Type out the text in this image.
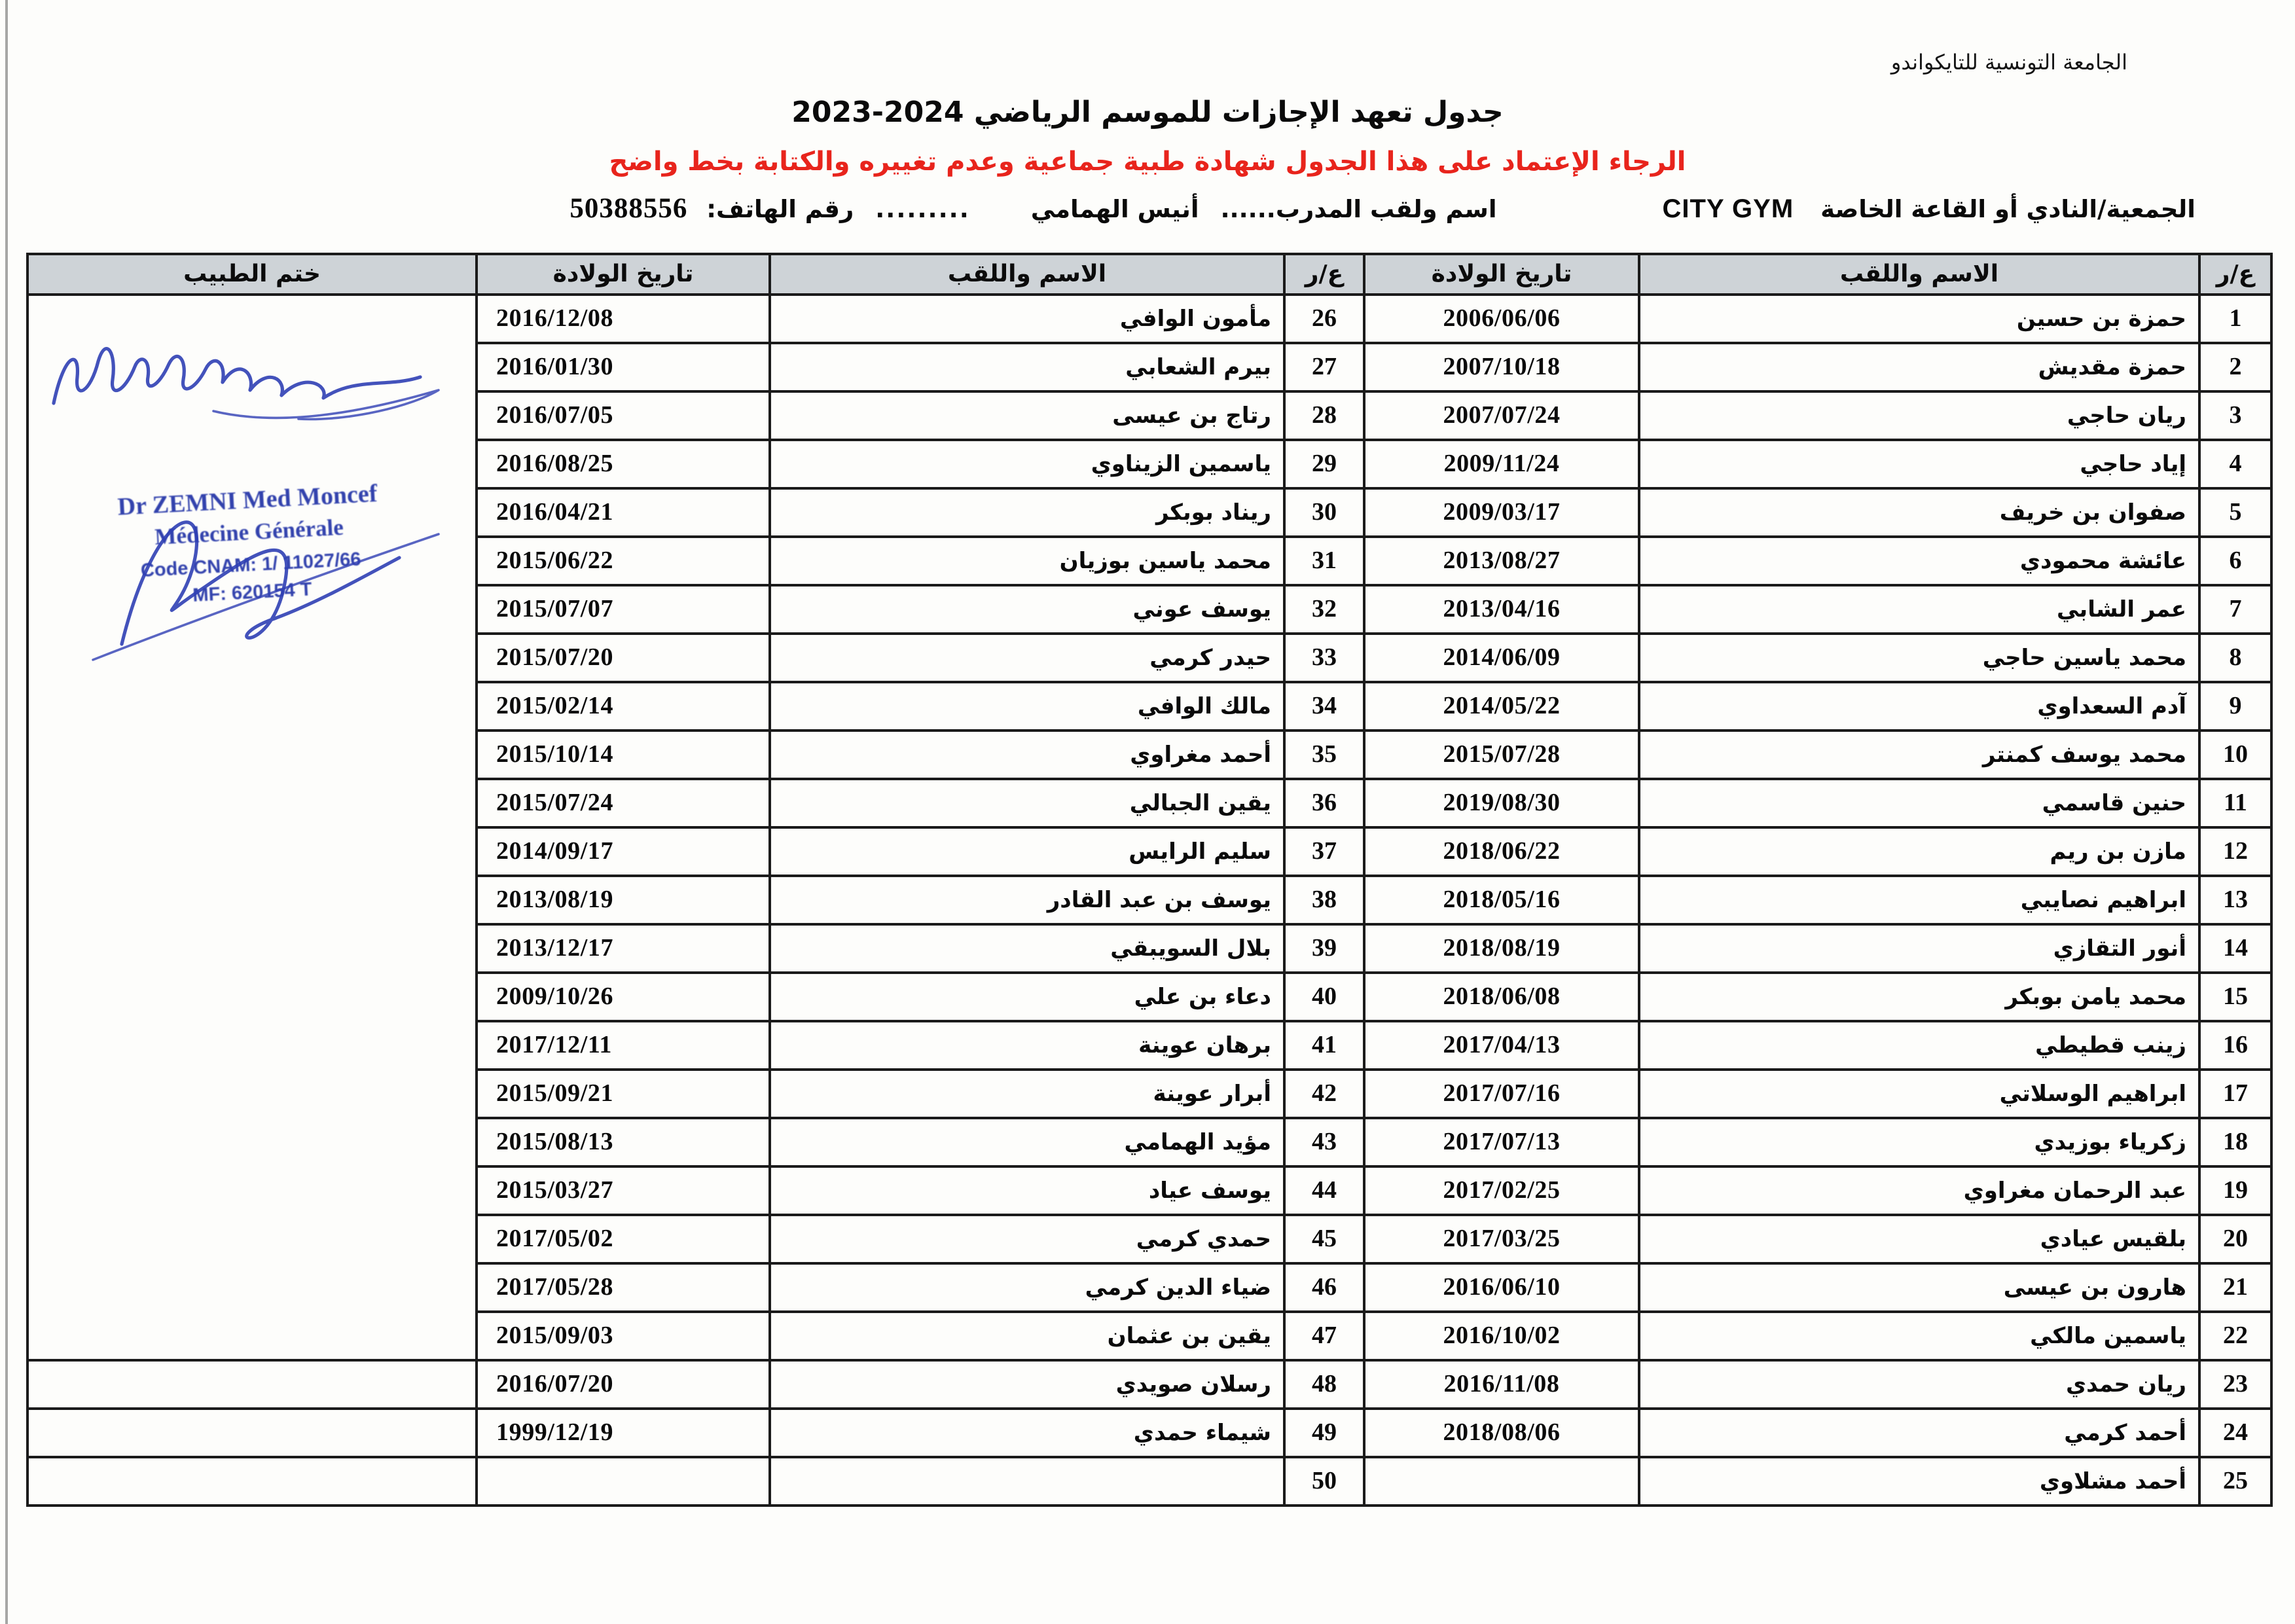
الجامعة التونسية للتايكواندو
جدول تعهد الإجازات للموسم الرياضي 2024-2023
الرجاء الإعتماد على هذا الجدول شهادة طبية جماعية وعدم تغييره والكتابة بخط واضح
الجمعية/النادي أو القاعة الخاصة CITY GYM اسم ولقب المدرب...... أنيس الهمامي ......... رقم الهاتف: 50388556
ع/ر	الاسم واللقب	تاريخ الولادة	ع/ر	الاسم واللقب	تاريخ الولادة	ختم الطبيب
1	حمزة بن حسين	2006/06/06	26	مأمون الوافي	2016/12/08	Dr ZEMNI Med Moncef
Médecine Générale
Code CNAM: 1/ 11027/66
MF: 620154 T

2	حمزة مقديش	2007/10/18	27	بيرم الشعابي	2016/01/30	
3	ريان حاجي	2007/07/24	28	رتاج بن عيسى	2016/07/05	
4	إياد حاجي	2009/11/24	29	ياسمين الزيناوي	2016/08/25	
5	صفوان بن خريف	2009/03/17	30	ريناد بوبكر	2016/04/21	
6	عائشة محمودي	2013/08/27	31	محمد ياسين بوزيان	2015/06/22	
7	عمر الشابي	2013/04/16	32	يوسف عوني	2015/07/07	
8	محمد ياسين حاجي	2014/06/09	33	حيدر كرمي	2015/07/20	
9	آدم السعداوي	2014/05/22	34	مالك الوافي	2015/02/14	
10	محمد يوسف كمنتر	2015/07/28	35	أحمد مغراوي	2015/10/14	
11	حنين قاسمي	2019/08/30	36	يقين الجبالي	2015/07/24	
12	مازن بن ريم	2018/06/22	37	سليم الرايس	2014/09/17	
13	ابراهيم نصايبي	2018/05/16	38	يوسف بن عبد القادر	2013/08/19	
14	أنور التقازي	2018/08/19	39	بلال السويبقي	2013/12/17	
15	محمد يامن بوبكر	2018/06/08	40	دعاء بن علي	2009/10/26	
16	زينب قطيطي	2017/04/13	41	برهان عوينة	2017/12/11	
17	ابراهيم الوسلاتي	2017/07/16	42	أبرار عوينة	2015/09/21	
18	زكرياء بوزيدي	2017/07/13	43	مؤيد الهمامي	2015/08/13	
19	عبد الرحمان مغراوي	2017/02/25	44	يوسف عياد	2015/03/27	
20	بلقيس عيادي	2017/03/25	45	حمدي كرمي	2017/05/02	
21	هارون بن عيسى	2016/06/10	46	ضياء الدين كرمي	2017/05/28	
22	ياسمين مالكي	2016/10/02	47	يقين بن عثمان	2015/09/03	
23	ريان حمدي	2016/11/08	48	رسلان صويدي	2016/07/20	
24	أحمد كرمي	2018/08/06	49	شيماء حمدي	1999/12/19	
25	أحمد مشلاوي		50			
